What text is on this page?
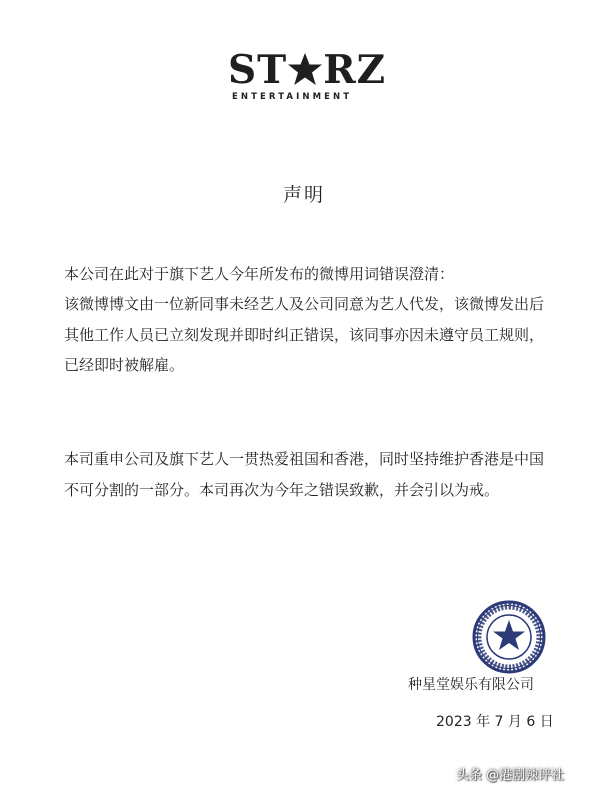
ST RZ
ENTERTAINMENT
声明
本公司在此对于旗下艺人今年所发布的微博用词错误澄清：
该微博博文由一位新同事未经艺人及公司同意为艺人代发，该微博发出后
其他工作人员已立刻发现并即时纠正错误，该同事亦因未遵守员工规则，
已经即时被解雇。
本司重申公司及旗下艺人一贯热爱祖国和香港，同时坚持维护香港是中国
不可分割的一部分。本司再次为今年之错误致歉，并会引以为戒。
种星堂娱乐有限公司
2023 年 7 月 6 日
头条 @港剧辣评社
